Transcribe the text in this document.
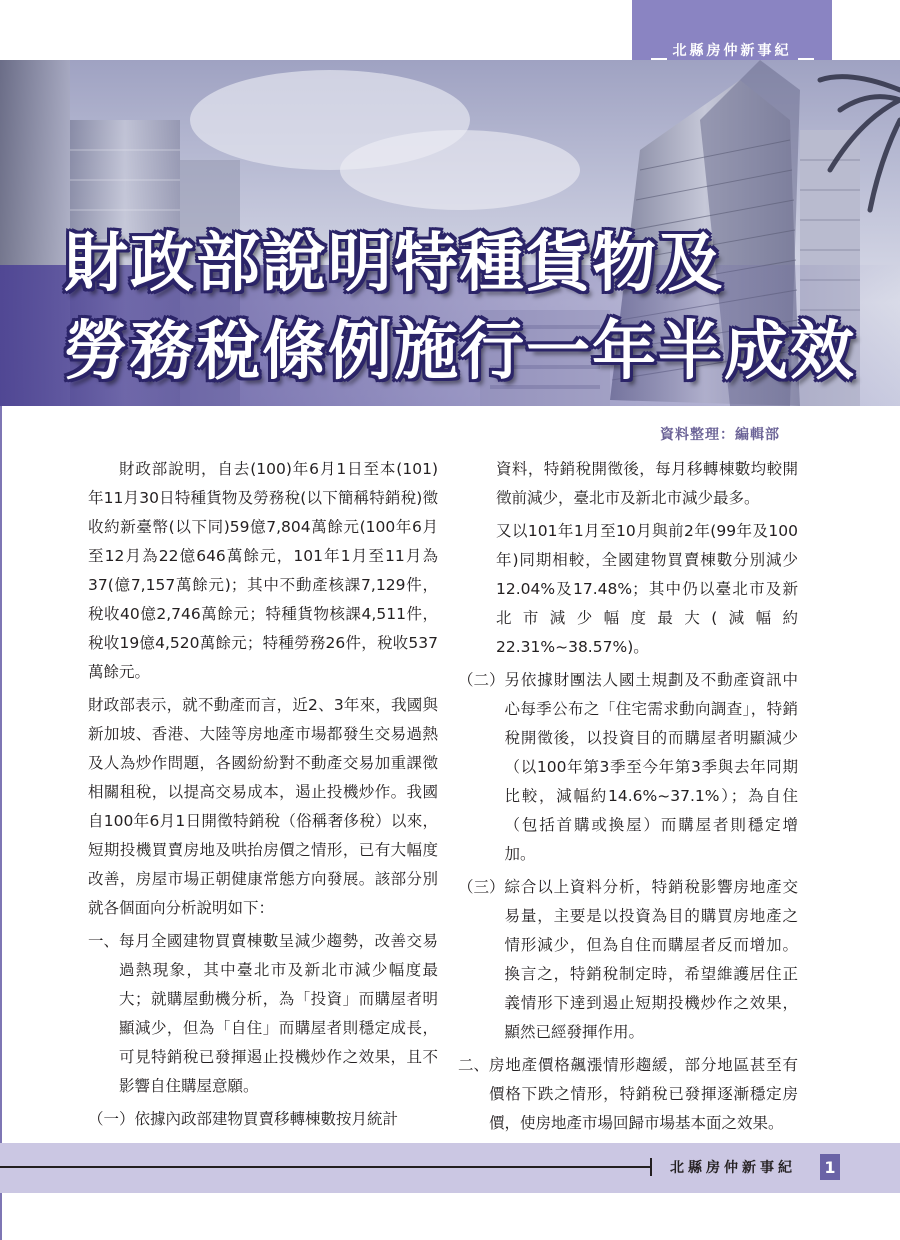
北縣房仲新事紀
財政部說明特種貨物及
勞務稅條例施行一年半成效
資料整理：編輯部

財政部說明，自去(100)年6月1日至本(101)年11月30日特種貨物及勞務稅(以下簡稱特銷稅)徵收約新臺幣(以下同)59億7,804萬餘元(100年6月至12月為22億646萬餘元，101年1月至11月為37(億7,157萬餘元)；其中不動產核課7,129件，稅收40億2,746萬餘元；特種貨物核課4,511件，稅收19億4,520萬餘元；特種勞務26件，稅收537萬餘元。

財政部表示，就不動產而言，近2、3年來，我國與新加坡、香港、大陸等房地產市場都發生交易過熱及人為炒作問題，各國紛紛對不動產交易加重課徵相關租稅，以提高交易成本，遏止投機炒作。我國自100年6月1日開徵特銷稅（俗稱奢侈稅）以來，短期投機買賣房地及哄抬房價之情形，已有大幅度改善，房屋市場正朝健康常態方向發展。該部分別就各個面向分析說明如下：

一、 每月全國建物買賣棟數呈減少趨勢，改善交易過熱現象，其中臺北市及新北市減少幅度最大；就購屋動機分析，為「投資」而購屋者明顯減少，但為「自住」而購屋者則穩定成長，可見特銷稅已發揮遏止投機炒作之效果，且不影響自住購屋意願。
（一） 依據內政部建物買賣移轉棟數按月統計

資料，特銷稅開徵後，每月移轉棟數均較開徵前減少，臺北市及新北市減少最多。

又以101年1月至10月與前2年(99年及100年)同期相較，全國建物買賣棟數分別減少12.04%及17.48%；其中仍以臺北市及新北市減少幅度最大(減幅約22.31%~38.57%)。

（二） 另依據財團法人國土規劃及不動產資訊中心每季公布之「住宅需求動向調查」，特銷稅開徵後，以投資目的而購屋者明顯減少（以100年第3季至今年第3季與去年同期比較，減幅約14.6%~37.1%）；為自住（包括首購或換屋）而購屋者則穩定增加。
（三） 綜合以上資料分析，特銷稅影響房地產交易量，主要是以投資為目的購買房地產之情形減少，但為自住而購屋者反而增加。換言之，特銷稅制定時，希望維護居住正義情形下達到遏止短期投機炒作之效果，顯然已經發揮作用。
二、 房地產價格飆漲情形趨緩，部分地區甚至有價格下跌之情形，特銷稅已發揮逐漸穩定房價，使房地產市場回歸市場基本面之效果。
北縣房仲新事紀 1
